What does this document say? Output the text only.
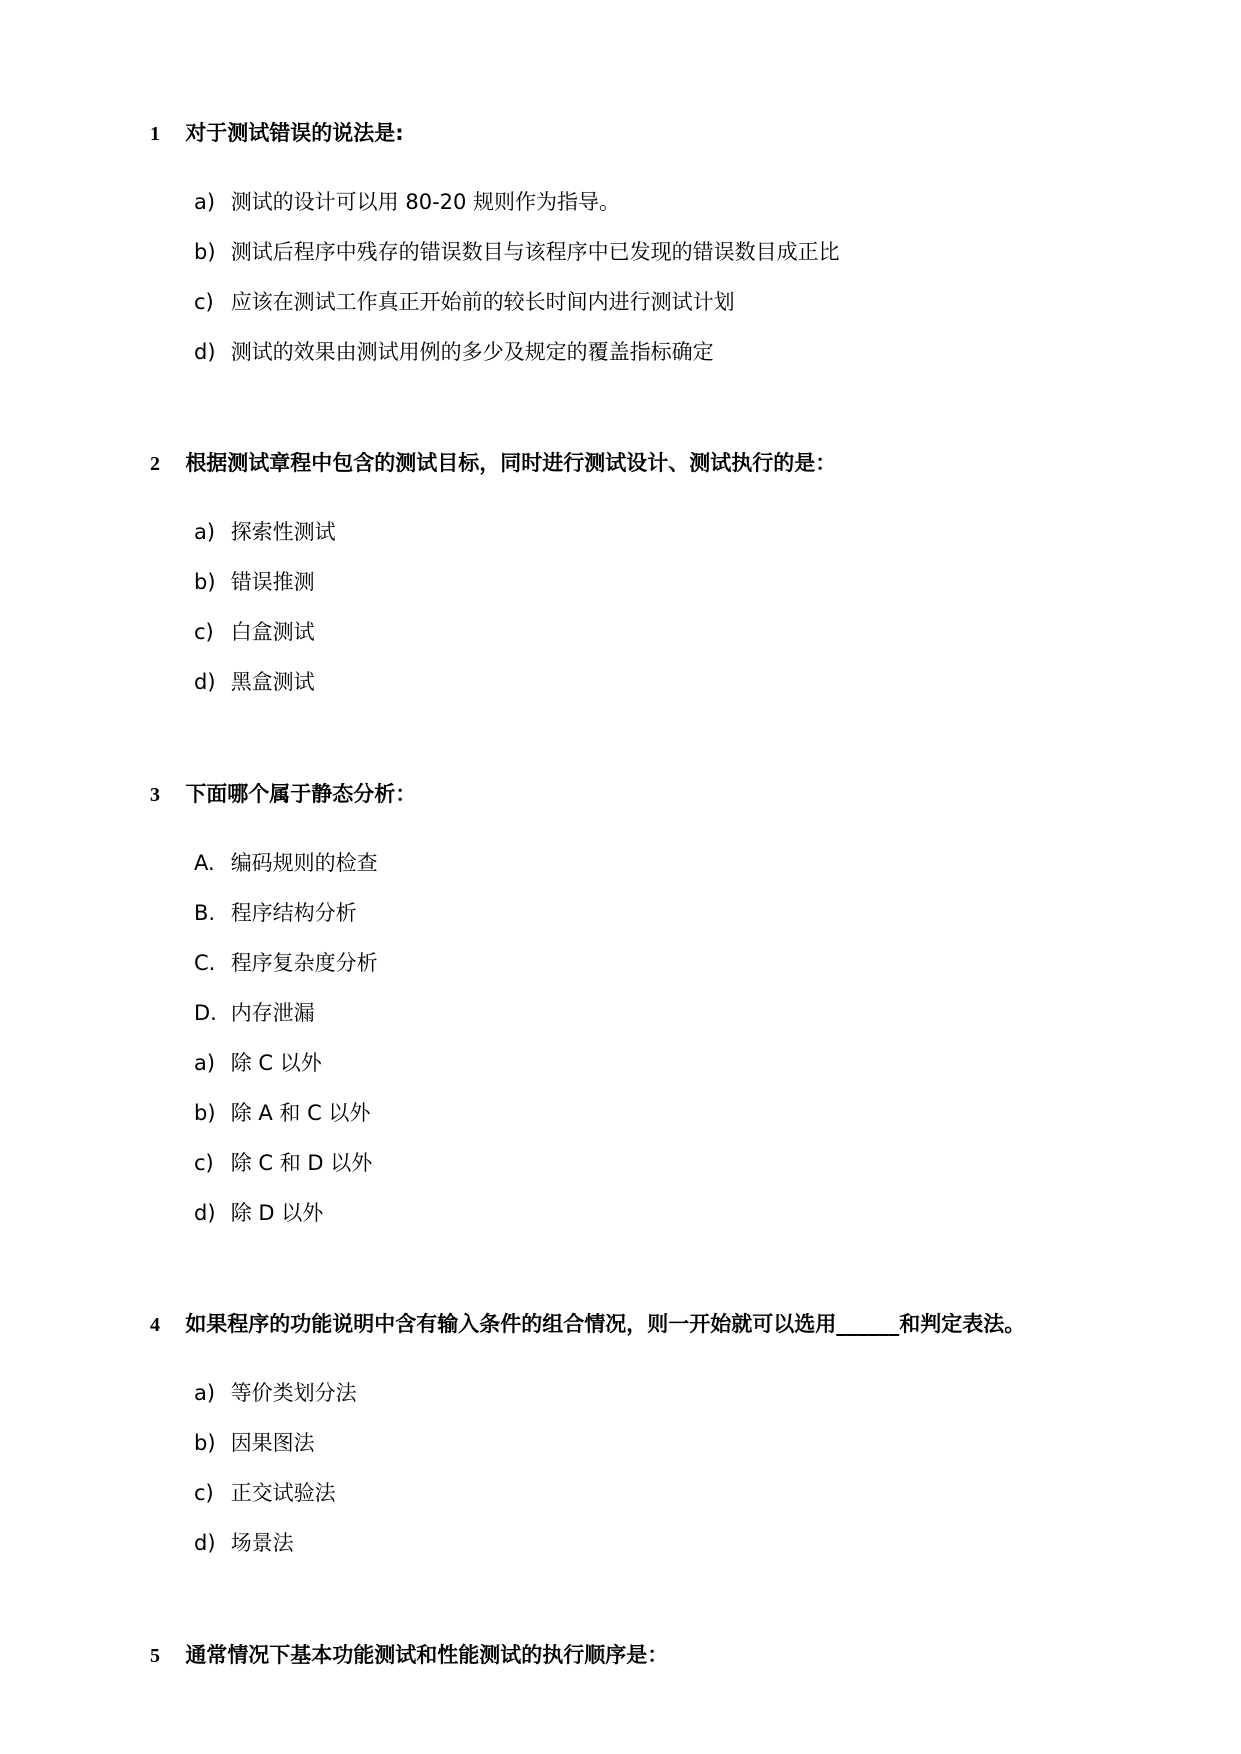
1 对于测试错误的说法是:
a) 测试的设计可以用 80-20 规则作为指导。
b) 测试后程序中残存的错误数目与该程序中已发现的错误数目成正比
c) 应该在测试工作真正开始前的较长时间内进行测试计划
d) 测试的效果由测试用例的多少及规定的覆盖指标确定
2 根据测试章程中包含的测试目标，同时进行测试设计、测试执行的是：
a) 探索性测试
b) 错误推测
c) 白盒测试
d) 黑盒测试
3 下面哪个属于静态分析：
A. 编码规则的检查
B. 程序结构分析
C. 程序复杂度分析
D. 内存泄漏
a) 除 C 以外
b) 除 A 和 C 以外
c) 除 C 和 D 以外
d) 除 D 以外
4 如果程序的功能说明中含有输入条件的组合情况，则一开始就可以选用______和判定表法。
a) 等价类划分法
b) 因果图法
c) 正交试验法
d) 场景法
5 通常情况下基本功能测试和性能测试的执行顺序是：
